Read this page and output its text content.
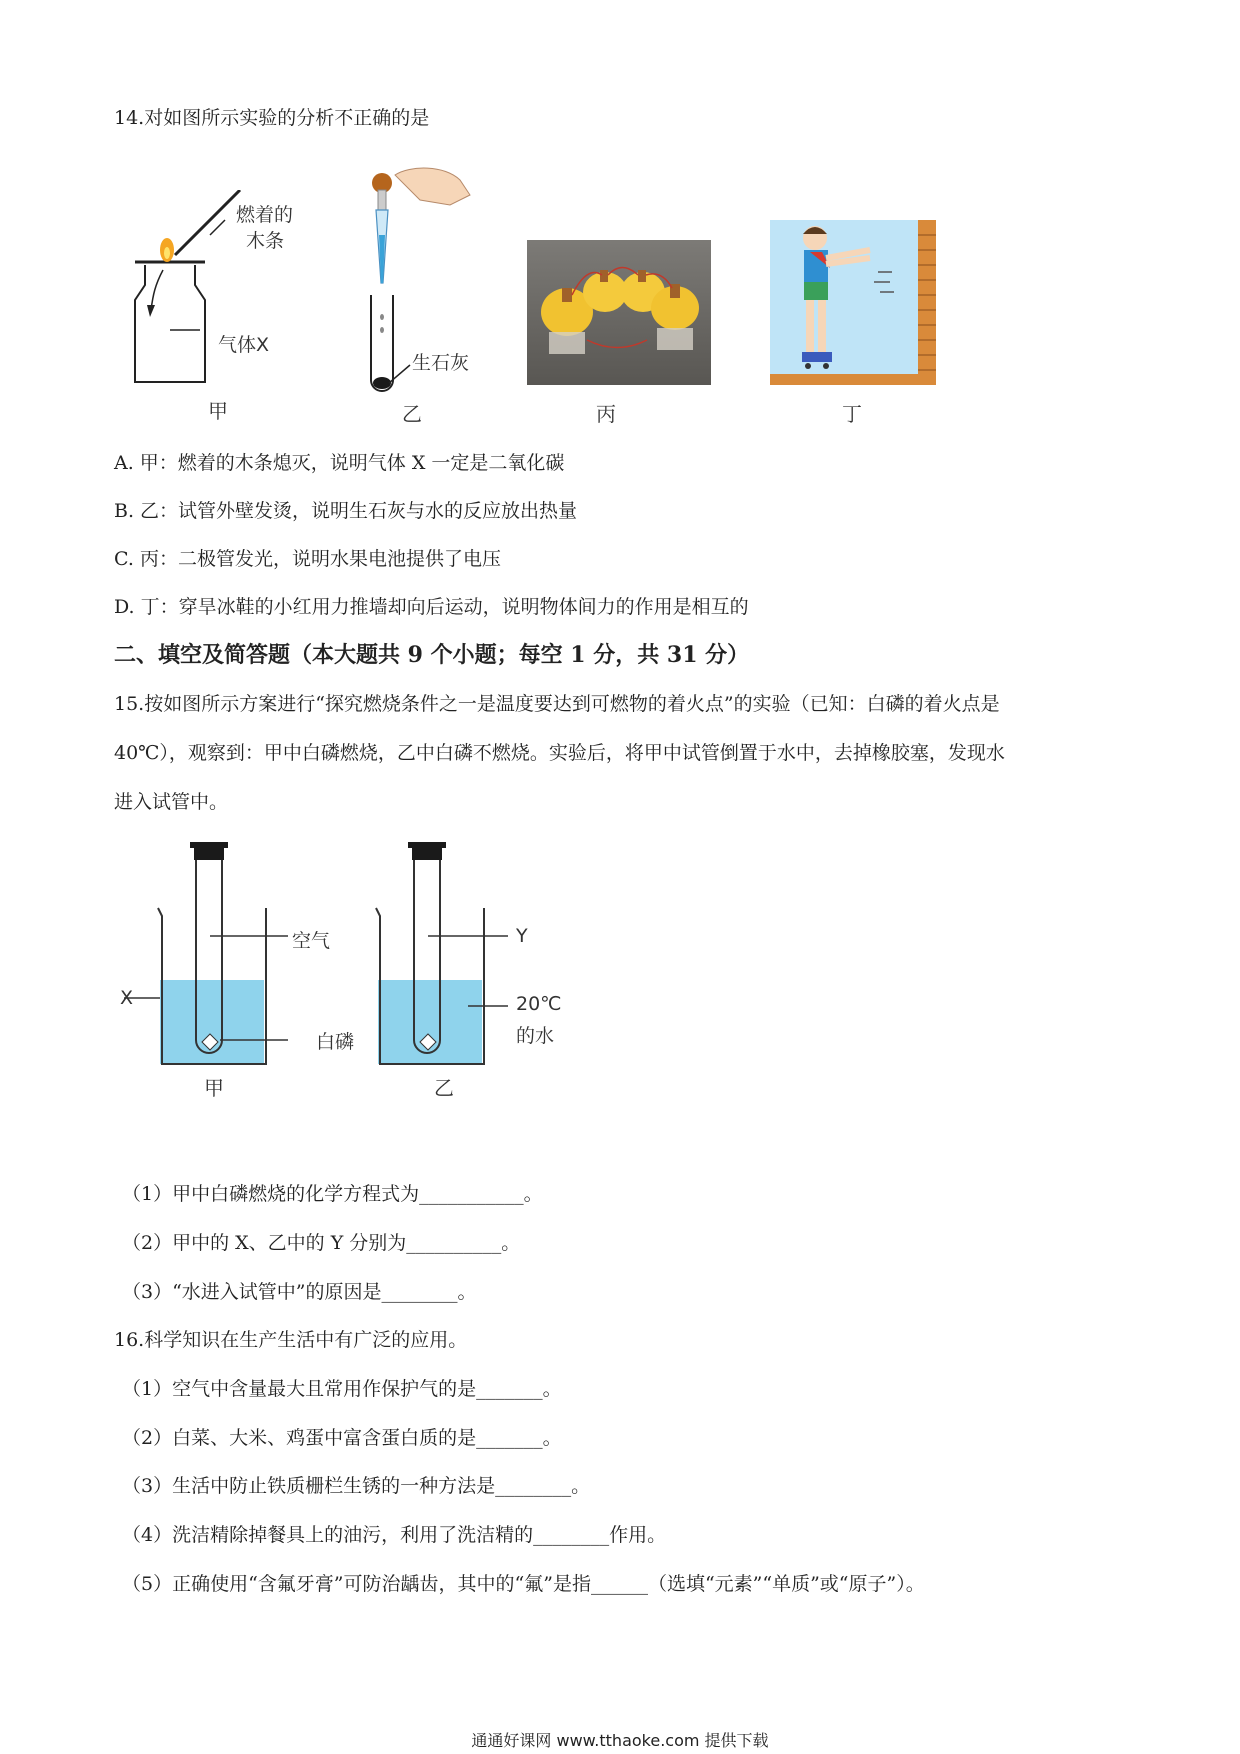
14.对如图所示实验的分析不正确的是
燃着的
木条
气体X
甲
生石灰
乙	丙	丁
A. 甲：燃着的木条熄灭，说明气体 X 一定是二氧化碳
B. 乙：试管外壁发烫，说明生石灰与水的反应放出热量
C. 丙：二极管发光，说明水果电池提供了电压
D. 丁：穿旱冰鞋的小红用力推墙却向后运动，说明物体间力的作用是相互的
二、填空及简答题（本大题共 9 个小题；每空 1 分，共 31 分）
15.按如图所示方案进行“探究燃烧条件之一是温度要达到可燃物的着火点”的实验（已知：白磷的着火点是
40℃），观察到：甲中白磷燃烧，乙中白磷不燃烧。实验后，将甲中试管倒置于水中，去掉橡胶塞，发现水
进入试管中。
空气
X
白磷
甲
Y
20℃
的水
乙
（1）甲中白磷燃烧的化学方程式为___________。
（2）甲中的 X、乙中的 Y 分别为__________。
（3）“水进入试管中”的原因是________。
16.科学知识在生产生活中有广泛的应用。
（1）空气中含量最大且常用作保护气的是_______。
（2）白菜、大米、鸡蛋中富含蛋白质的是_______。
（3）生活中防止铁质栅栏生锈的一种方法是________。
（4）洗洁精除掉餐具上的油污，利用了洗洁精的________作用。
（5）正确使用“含氟牙膏”可防治龋齿，其中的“氟”是指______（选填“元素”“单质”或“原子”）。
通通好课网 www.tthaoke.com 提供下载
